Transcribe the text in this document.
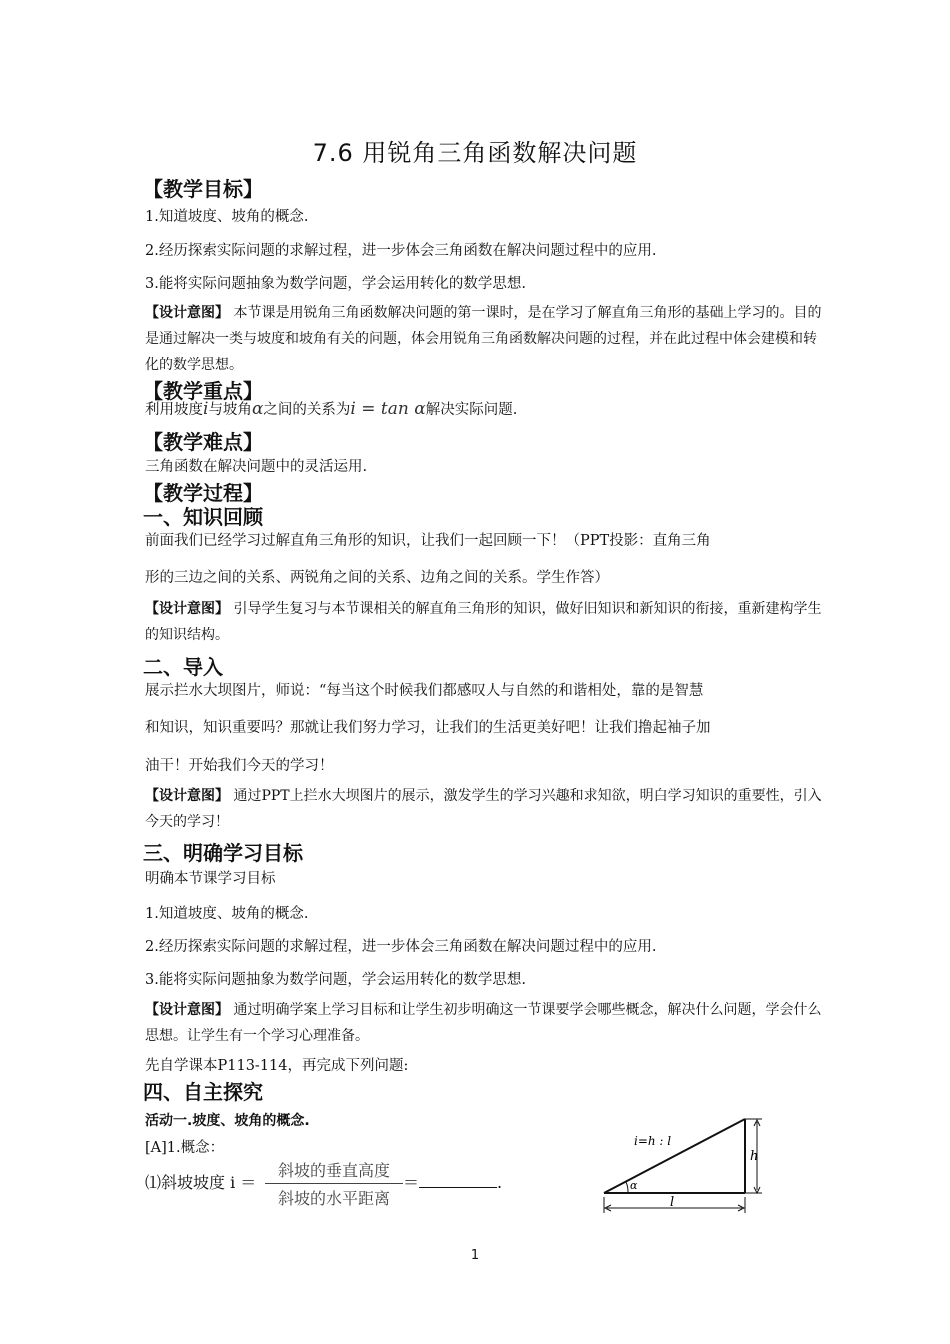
7.6 用锐角三角函数解决问题
【教学目标】
1.知道坡度、坡角的概念.
2.经历探索实际问题的求解过程，进一步体会三角函数在解决问题过程中的应用.
3.能将实际问题抽象为数学问题，学会运用转化的数学思想.
【设计意图】 本节课是用锐角三角函数解决问题的第一课时，是在学习了解直角三角形的基础上学习的。目的是通过解决一类与坡度和坡角有关的问题，体会用锐角三角函数解决问题的过程，并在此过程中体会建模和转化的数学思想。
【教学重点】
利用坡度i与坡角α之间的关系为i = tan α解决实际问题.
【教学难点】
三角函数在解决问题中的灵活运用.
【教学过程】
一、知识回顾
前面我们已经学习过解直角三角形的知识，让我们一起回顾一下！（PPT投影：直角三角
形的三边之间的关系、两锐角之间的关系、边角之间的关系。学生作答）
【设计意图】 引导学生复习与本节课相关的解直角三角形的知识，做好旧知识和新知识的衔接，重新建构学生的知识结构。
二、导入
展示拦水大坝图片，师说：“每当这个时候我们都感叹人与自然的和谐相处，靠的是智慧
和知识，知识重要吗？那就让我们努力学习，让我们的生活更美好吧！让我们撸起袖子加
油干！开始我们今天的学习！
【设计意图】 通过PPT上拦水大坝图片的展示，激发学生的学习兴趣和求知欲，明白学习知识的重要性，引入今天的学习！
三、明确学习目标
明确本节课学习目标
1.知道坡度、坡角的概念.
2.经历探索实际问题的求解过程，进一步体会三角函数在解决问题过程中的应用.
3.能将实际问题抽象为数学问题，学会运用转化的数学思想.
【设计意图】 通过明确学案上学习目标和让学生初步明确这一节课要学会哪些概念，解决什么问题，学会什么思想。让学生有一个学习心理准备。
先自学课本P113-114，再完成下列问题:
四、自主探究
活动一.坡度、坡角的概念.
[A]1.概念：
⑴斜坡坡度 i ＝
斜坡的垂直高度
斜坡的水平距离
＝	.
i=h : l
h
l
α
1
